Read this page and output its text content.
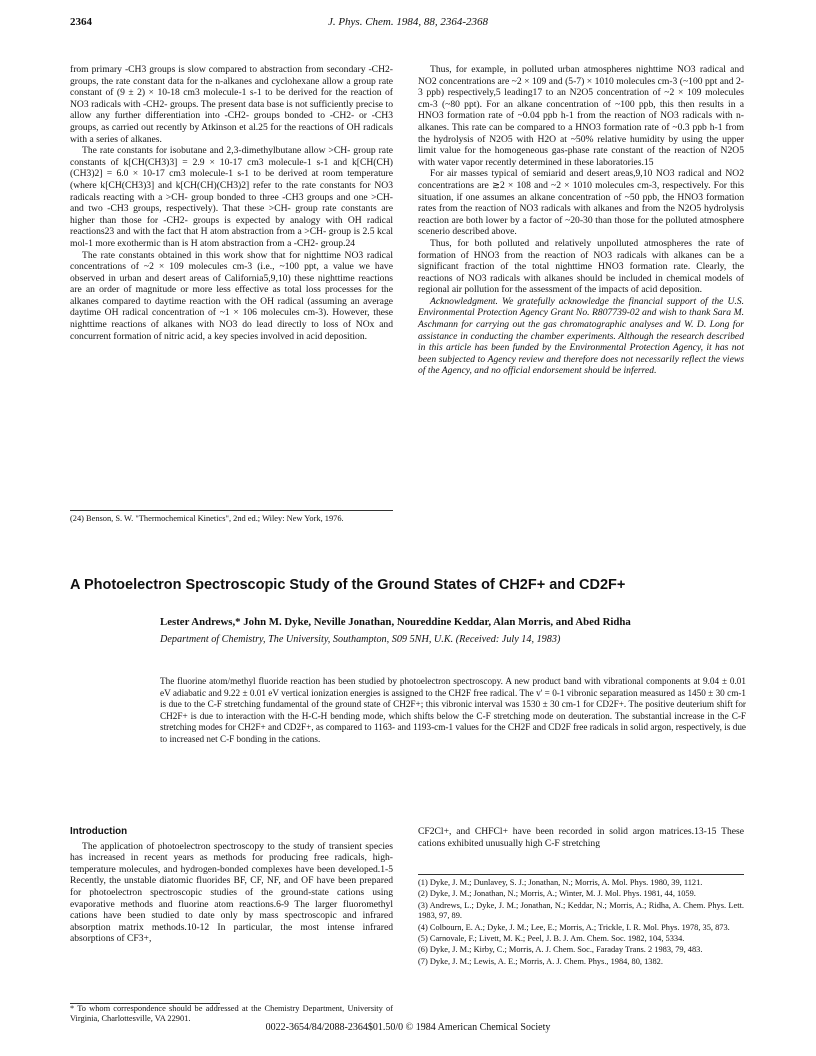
2364	J. Phys. Chem. 1984, 88, 2364-2368

from primary -CH3 groups is slow compared to abstraction from secondary -CH2- groups, the rate constant data for the n-alkanes and cyclohexane allow a group rate constant of (9 ± 2) × 10-18 cm3 molecule-1 s-1 to be derived for the reaction of NO3 radicals with -CH2- groups. The present data base is not sufficiently precise to allow any further differentiation into -CH2- groups bonded to -CH2- or -CH3 groups, as carried out recently by Atkinson et al.25 for the reactions of OH radicals with a series of alkanes.

The rate constants for isobutane and 2,3-dimethylbutane allow >CH- group rate constants of k[CH(CH3)3] = 2.9 × 10-17 cm3 molecule-1 s-1 and k[CH(CH)(CH3)2] = 6.0 × 10-17 cm3 molecule-1 s-1 to be derived at room temperature (where k[CH(CH3)3] and k[CH(CH)(CH3)2] refer to the rate constants for NO3 radicals reacting with a >CH- group bonded to three -CH3 groups and one >CH- and two -CH3 groups, respectively). That these >CH- group rate constants are higher than those for -CH2- groups is expected by analogy with OH radical reactions23 and with the fact that H atom abstraction from a >CH- group is 2.5 kcal mol-1 more exothermic than is H atom abstraction from a -CH2- group.24

The rate constants obtained in this work show that for nighttime NO3 radical concentrations of ~2 × 109 molecules cm-3 (i.e., ~100 ppt, a value we have observed in urban and desert areas of California5,9,10) these nighttime reactions are an order of magnitude or more less effective as total loss processes for the alkanes compared to daytime reaction with the OH radical (assuming an average daytime OH radical concentration of ~1 × 106 molecules cm-3). However, these nighttime reactions of alkanes with NO3 do lead directly to loss of NOx and concurrent formation of nitric acid, a key species involved in acid deposition.

(24) Benson, S. W. "Thermochemical Kinetics", 2nd ed.; Wiley: New York, 1976.

Thus, for example, in polluted urban atmospheres nighttime NO3 radical and NO2 concentrations are ~2 × 109 and (5-7) × 1010 molecules cm-3 (~100 ppt and 2-3 ppb) respectively,5 leading17 to an N2O5 concentration of ~2 × 109 molecules cm-3 (~80 ppt). For an alkane concentration of ~100 ppb, this then results in a HNO3 formation rate of ~0.04 ppb h-1 from the reaction of NO3 radicals with n-alkanes. This rate can be compared to a HNO3 formation rate of ~0.3 ppb h-1 from the hydrolysis of N2O5 with H2O at ~50% relative humidity by using the upper limit value for the homogeneous gas-phase rate constant of the reaction of N2O5 with water vapor recently determined in these laboratories.15

For air masses typical of semiarid and desert areas,9,10 NO3 radical and NO2 concentrations are ≳2 × 108 and ~2 × 1010 molecules cm-3, respectively. For this situation, if one assumes an alkane concentration of ~50 ppb, the HNO3 formation rates from the reaction of NO3 radicals with alkanes and from the N2O5 hydrolysis reaction are both lower by a factor of ~20-30 than those for the polluted atmosphere scenerio described above.

Thus, for both polluted and relatively unpolluted atmospheres the rate of formation of HNO3 from the reaction of NO3 radicals with alkanes can be a significant fraction of the total nighttime HNO3 formation rate. Clearly, the reactions of NO3 radicals with alkanes should be included in chemical models of regional air pollution for the assessment of the impacts of acid deposition.

Acknowledgment. We gratefully acknowledge the financial support of the U.S. Environmental Protection Agency Grant No. R807739-02 and wish to thank Sara M. Aschmann for carrying out the gas chromatographic analyses and W. D. Long for assistance in conducting the chamber experiments. Although the research described in this article has been funded by the Environmental Protection Agency, it has not been subjected to Agency review and therefore does not necessarily reflect the views of the Agency, and no official endorsement should be inferred.

A Photoelectron Spectroscopic Study of the Ground States of CH2F+ and CD2F+
Lester Andrews,* John M. Dyke, Neville Jonathan, Noureddine Keddar, Alan Morris, and Abed Ridha
Department of Chemistry, The University, Southampton, S09 5NH, U.K. (Received: July 14, 1983)

The fluorine atom/methyl fluoride reaction has been studied by photoelectron spectroscopy. A new product band with vibrational components at 9.04 ± 0.01 eV adiabatic and 9.22 ± 0.01 eV vertical ionization energies is assigned to the CH2F free radical. The v' = 0-1 vibronic separation measured as 1450 ± 30 cm-1 is due to the C-F stretching fundamental of the ground state of CH2F+; this vibronic interval was 1530 ± 30 cm-1 for CD2F+. The positive deuterium shift for CH2F+ is due to interaction with the H-C-H bending mode, which shifts below the C-F stretching mode on deuteration. The substantial increase in the C-F stretching modes for CH2F+ and CD2F+, as compared to 1163- and 1193-cm-1 values for the CH2F and CD2F free radicals in solid argon, respectively, is due to increased net C-F bonding in the cations.

Introduction

The application of photoelectron spectroscopy to the study of transient species has increased in recent years as methods for producing free radicals, high-temperature molecules, and hydrogen-bonded complexes have been developed.1-5 Recently, the unstable diatomic fluorides BF, CF, NF, and OF have been prepared for photoelectron spectroscopic studies of the ground-state cations using evaporative methods and fluorine atom reactions.6-9 The larger fluoromethyl cations have been studied to date only by mass spectroscopic and infrared absorption matrix methods.10-12 In particular, the most intense infrared absorptions of CF3+,

* To whom correspondence should be addressed at the Chemistry Department, University of Virginia, Charlottesville, VA 22901.

CF2Cl+, and CHFCl+ have been recorded in solid argon matrices.13-15 These cations exhibited unusually high C-F stretching

(1) Dyke, J. M.; Dunlavey, S. J.; Jonathan, N.; Morris, A. Mol. Phys. 1980, 39, 1121.

(2) Dyke, J. M.; Jonathan, N.; Morris, A.; Winter, M. J. Mol. Phys. 1981, 44, 1059.

(3) Andrews, L.; Dyke, J. M.; Jonathan, N.; Keddar, N.; Morris, A.; Ridha, A. Chem. Phys. Lett. 1983, 97, 89.

(4) Colbourn, E. A.; Dyke, J. M.; Lee, E.; Morris, A.; Trickle, I. R. Mol. Phys. 1978, 35, 873.

(5) Carnovale, F.; Livett, M. K.; Peel, J. B. J. Am. Chem. Soc. 1982, 104, 5334.

(6) Dyke, J. M.; Kirby, C.; Morris, A. J. Chem. Soc., Faraday Trans. 2 1983, 79, 483.

(7) Dyke, J. M.; Lewis, A. E.; Morris, A. J. Chem. Phys., 1984, 80, 1382.

0022-3654/84/2088-2364$01.50/0 © 1984 American Chemical Society
